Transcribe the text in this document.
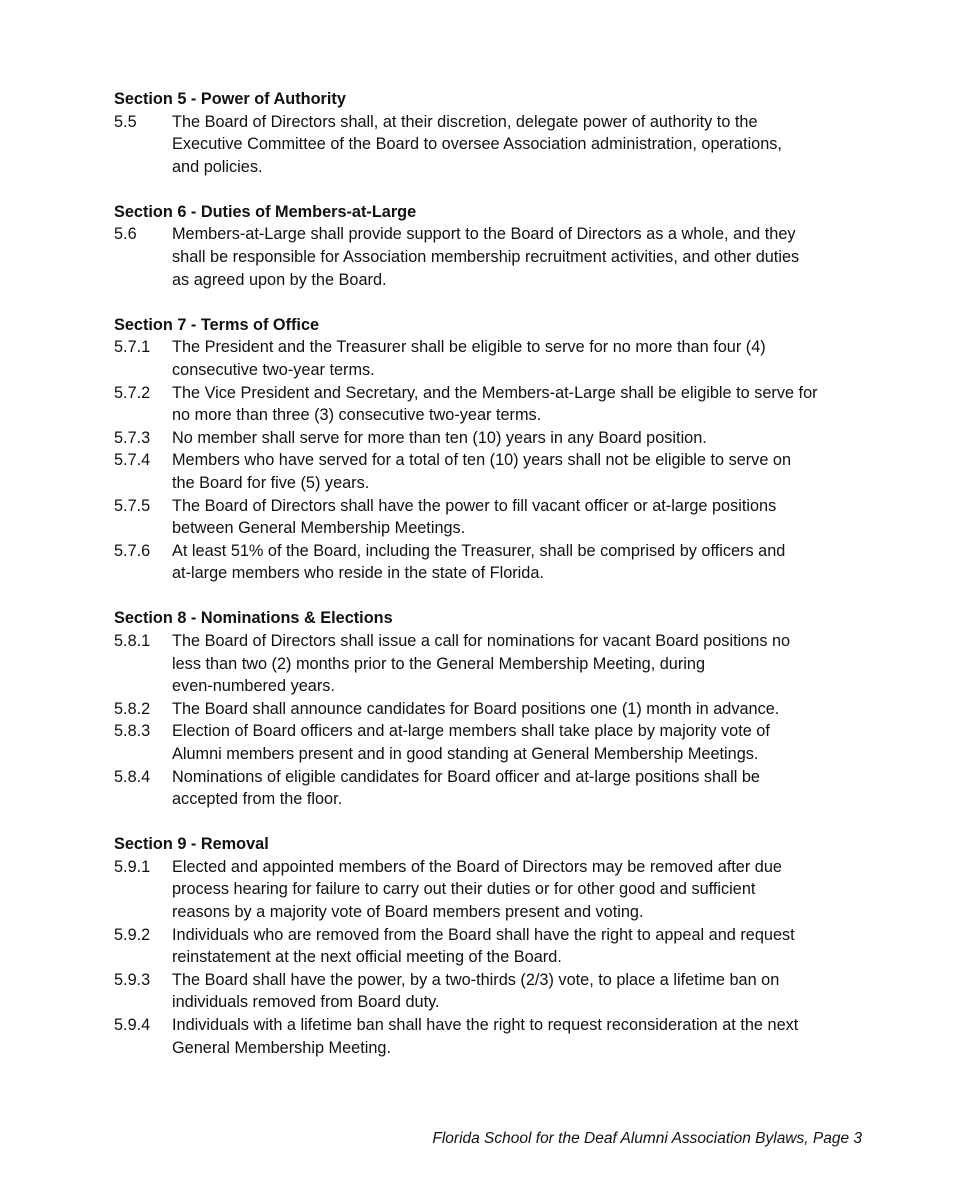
Section 5 - Power of Authority
5.5	The Board of Directors shall, at their discretion, delegate power of authority to the
Executive Committee of the Board to oversee Association administration, operations,
and policies.
Section 6 - Duties of Members-at-Large
5.6	Members-at-Large shall provide support to the Board of Directors as a whole, and they
shall be responsible for Association membership recruitment activities, and other duties
as agreed upon by the Board.
Section 7 - Terms of Office
5.7.1	The President and the Treasurer shall be eligible to serve for no more than four (4)
consecutive two-year terms.
5.7.2	The Vice President and Secretary, and the Members-at-Large shall be eligible to serve for
no more than three (3) consecutive two-year terms.
5.7.3	No member shall serve for more than ten (10) years in any Board position.
5.7.4	Members who have served for a total of ten (10) years shall not be eligible to serve on
the Board for five (5) years.
5.7.5	The Board of Directors shall have the power to fill vacant officer or at-large positions
between General Membership Meetings.
5.7.6	At least 51% of the Board, including the Treasurer, shall be comprised by officers and
at-large members who reside in the state of Florida.
Section 8 - Nominations & Elections
5.8.1	The Board of Directors shall issue a call for nominations for vacant Board positions no
less than two (2) months prior to the General Membership Meeting, during
even-numbered years.
5.8.2	The Board shall announce candidates for Board positions one (1) month in advance.
5.8.3	Election of Board officers and at-large members shall take place by majority vote of
Alumni members present and in good standing at General Membership Meetings.
5.8.4	Nominations of eligible candidates for Board officer and at-large positions shall be
accepted from the floor.
Section 9 - Removal
5.9.1	Elected and appointed members of the Board of Directors may be removed after due
process hearing for failure to carry out their duties or for other good and sufficient
reasons by a majority vote of Board members present and voting.
5.9.2	Individuals who are removed from the Board shall have the right to appeal and request
reinstatement at the next official meeting of the Board.
5.9.3	The Board shall have the power, by a two-thirds (2/3) vote, to place a lifetime ban on
individuals removed from Board duty.
5.9.4	Individuals with a lifetime ban shall have the right to request reconsideration at the next
General Membership Meeting.
Florida School for the Deaf Alumni Association Bylaws, Page 3
